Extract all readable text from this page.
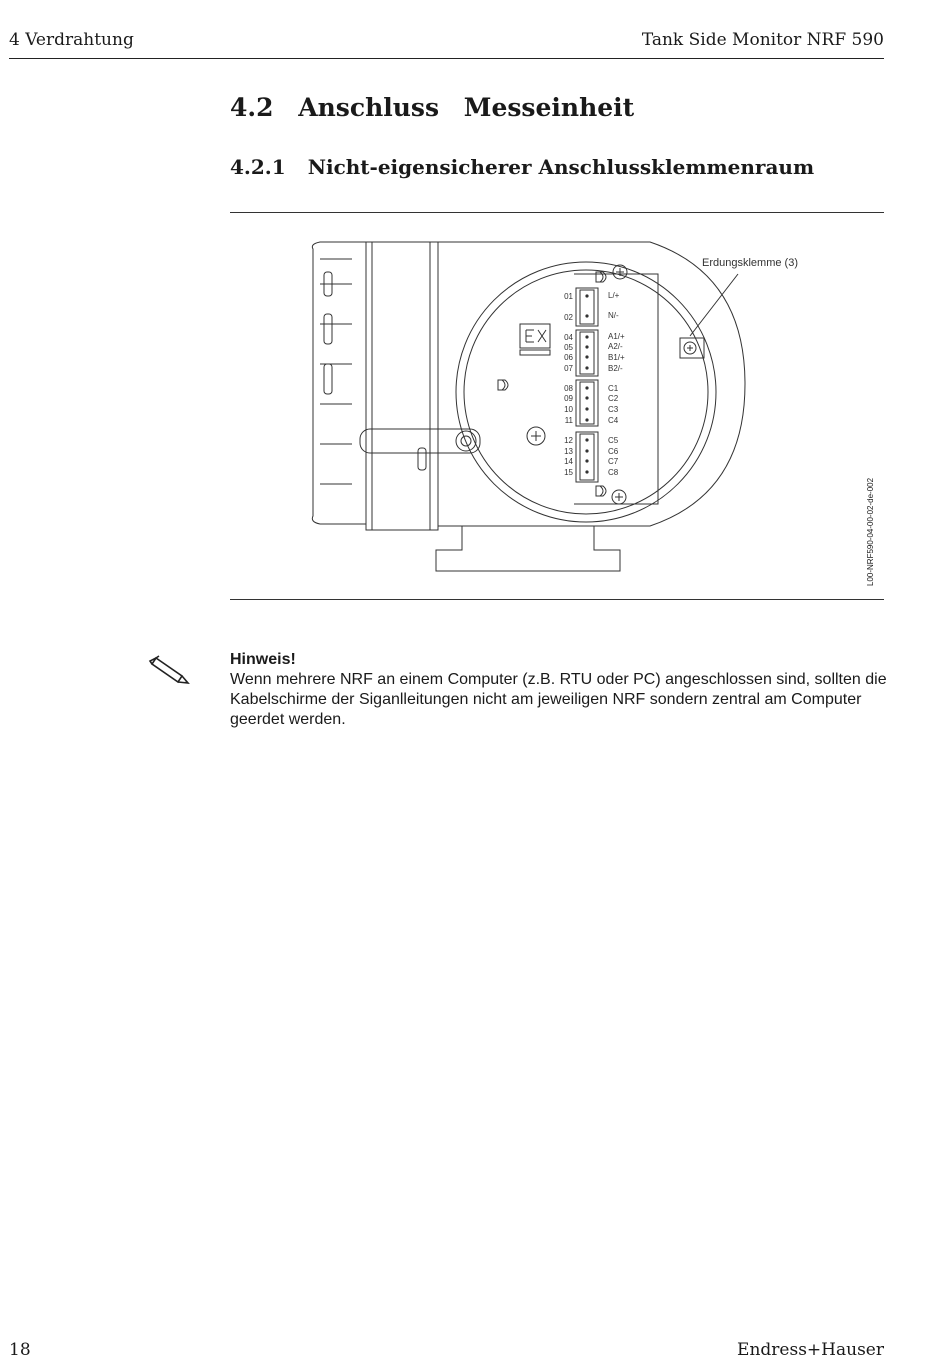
4 Verdrahtung	Tank Side Monitor NRF 590
4.2 Anschluss Messeinheit
4.2.1 Nicht-eigensicherer Anschlussklemmenraum
01
02
04
05
06
07
08
09
10
11
12
13
14
15
L/+
N/-
A1/+
A2/-
B1/+
B2/-
C1
C2
C3
C4
C5
C6
C7
C8
Erdungsklemme (3)
L00-NRF590-04-00-02-de-002
Hinweis!
Wenn mehrere NRF an einem Computer (z.B. RTU oder PC) angeschlossen sind, sollten die Kabelschirme der Siganlleitungen nicht am jeweiligen NRF sondern zentral am Computer geerdet werden.
18	Endress+Hauser
